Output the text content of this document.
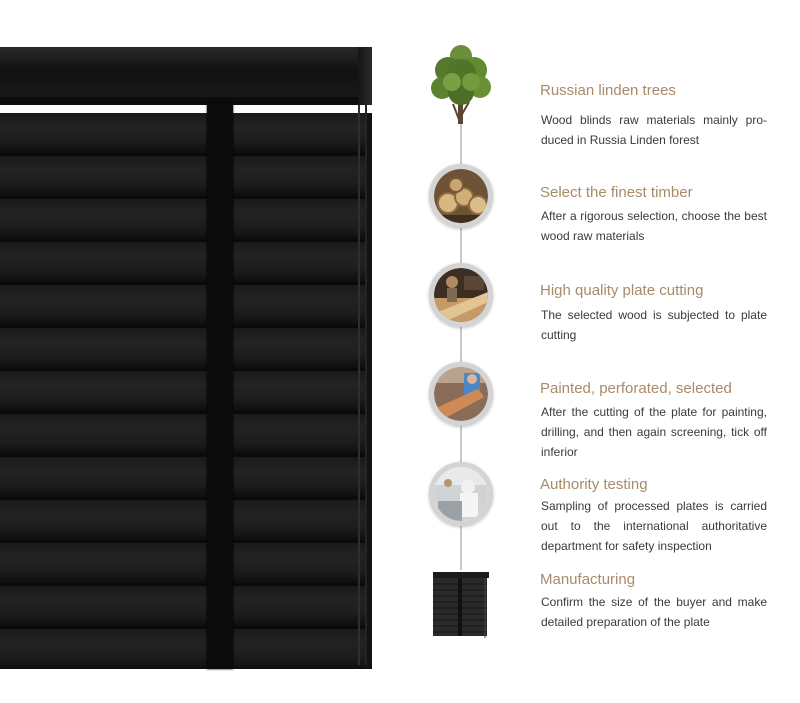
Russian linden trees
Wood blinds raw materials mainly pro-duced in Russia Linden forest
Select the finest timber
After a rigorous selection, choose the best wood raw materials
High quality plate cutting
The selected wood is subjected to plate cutting
Painted, perforated, selected
After the cutting of the plate for painting, drilling, and then again screening, tick off inferior
Authority testing
Sampling of processed plates is carried out to the international authoritative department for safety inspection
Manufacturing
Confirm the size of the buyer and make detailed preparation of the plate
